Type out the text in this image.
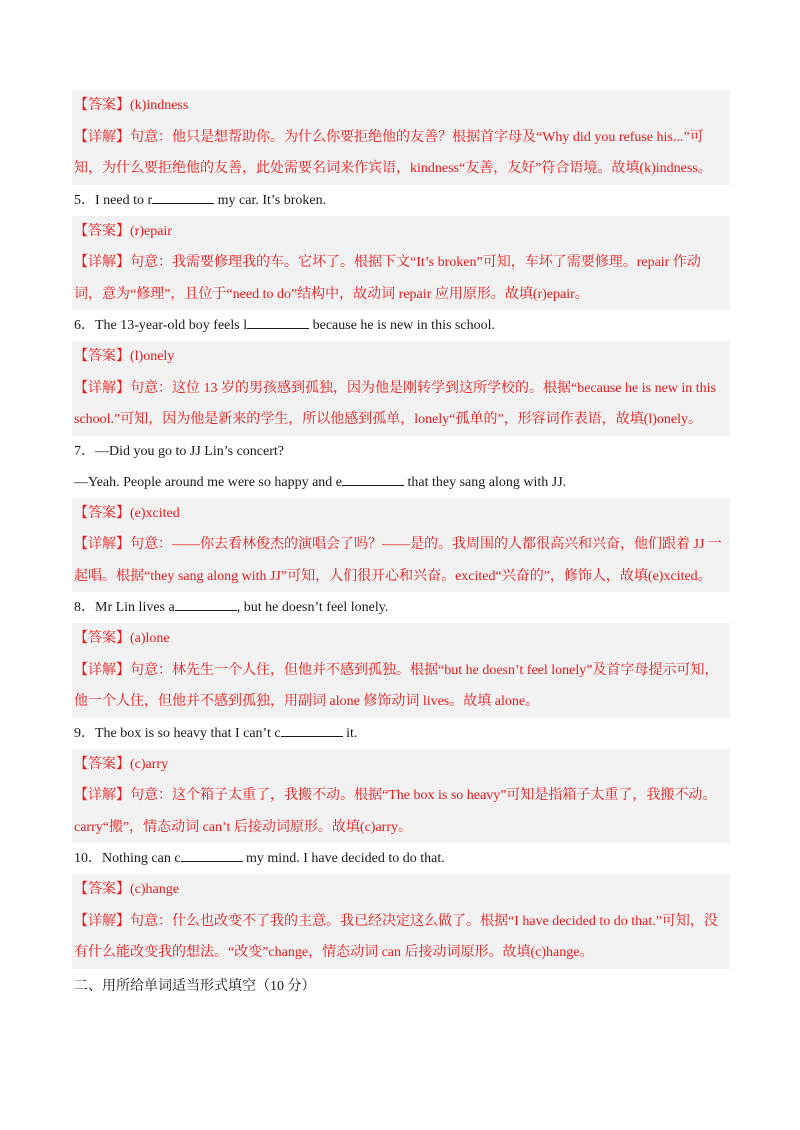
【答案】(k)indness

【详解】句意：他只是想帮助你。为什么你要拒绝他的友善？根据首字母及“Why did you refuse his...”可知，为什么要拒绝他的友善，此处需要名词来作宾语，kindness“友善，友好”符合语境。故填(k)indness。

5．I need to r	my car. It’s broken.

【答案】(r)epair

【详解】句意：我需要修理我的车。它坏了。根据下文“It’s broken”可知，车坏了需要修理。repair 作动词，意为“修理”，且位于“need to do”结构中，故动词 repair 应用原形。故填(r)epair。

6．The 13-year-old boy feels l	because he is new in this school.

【答案】(l)onely

【详解】句意：这位 13 岁的男孩感到孤独，因为他是刚转学到这所学校的。根据“because he is new in this school.”可知，因为他是新来的学生，所以他感到孤单，lonely“孤单的”，形容词作表语，故填(l)onely。

7．—Did you go to JJ Lin’s concert?

—Yeah. People around me were so happy and e	that they sang along with JJ.

【答案】(e)xcited

【详解】句意：——你去看林俊杰的演唱会了吗？——是的。我周围的人都很高兴和兴奋，他们跟着 JJ 一起唱。根据“they sang along with JJ”可知，人们很开心和兴奋。excited“兴奋的”，修饰人，故填(e)xcited。

8．Mr Lin lives a	, but he doesn’t feel lonely.

【答案】(a)lone

【详解】句意：林先生一个人住，但他并不感到孤独。根据“but he doesn’t feel lonely”及首字母提示可知，他一个人住，但他并不感到孤独，用副词 alone 修饰动词 lives。故填 alone。

9．The box is so heavy that I can’t c	it.

【答案】(c)arry

【详解】句意：这个箱子太重了，我搬不动。根据“The box is so heavy”可知是指箱子太重了，我搬不动。carry“搬”，情态动词 can’t 后接动词原形。故填(c)arry。

10．Nothing can c	my mind. I have decided to do that.

【答案】(c)hange

【详解】句意：什么也改变不了我的主意。我已经决定这么做了。根据“I have decided to do that.”可知，没有什么能改变我的想法。“改变”change，情态动词 can 后接动词原形。故填(c)hange。

二、用所给单词适当形式填空（10 分）
